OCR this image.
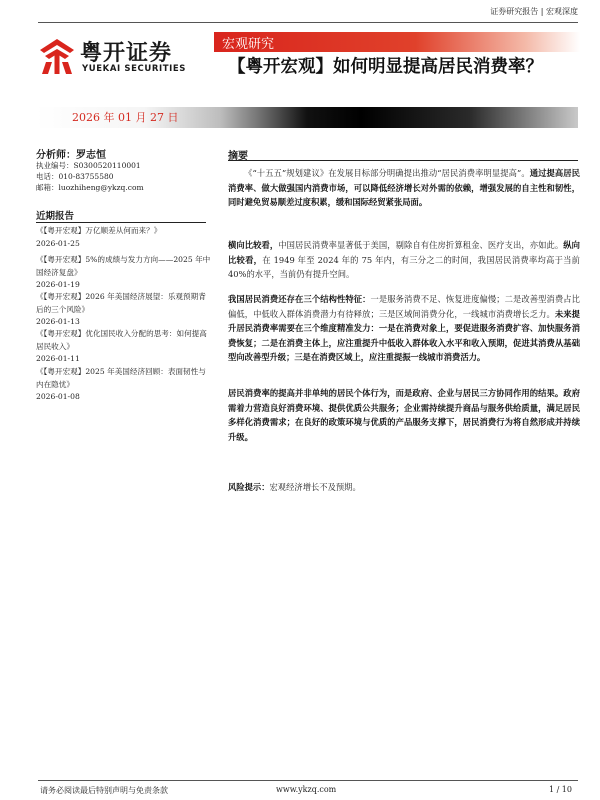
证券研究报告 | 宏观深度
粤开证券
YUEKAI SECURITIES
宏观研究
【粤开宏观】如何明显提高居民消费率？
2026 年 01 月 27 日
分析师：罗志恒
执业编号：S0300520110001
电话：010-83755580
邮箱：luozhiheng@ykzq.com
近期报告
《【粤开宏观】万亿顺差从何而来？》
2026-01-25
《【粤开宏观】5%的成绩与发力方向——2025 年中国经济复盘》
2026-01-19
《【粤开宏观】2026 年美国经济展望：乐观预期背后的三个风险》
2026-01-13
《【粤开宏观】优化国民收入分配的思考：如何提高居民收入》
2026-01-11
《【粤开宏观】2025 年美国经济回顾：表面韧性与内在隐忧》
2026-01-08
摘要
《“十五五”规划建议》在发展目标部分明确提出推动“居民消费率明显提高”。通过提高居民消费率、做大做强国内消费市场，可以降低经济增长对外需的依赖，增强发展的自主性和韧性，同时避免贸易顺差过度积累，缓和国际经贸紧张局面。
横向比较看，中国居民消费率显著低于美国，剔除自有住房折算租金、医疗支出，亦如此。纵向比较看，在 1949 年至 2024 年的 75 年内，有三分之二的时间，我国居民消费率均高于当前 40%的水平，当前仍有提升空间。
我国居民消费还存在三个结构性特征：一是服务消费不足、恢复进度偏慢；二是改善型消费占比偏低，中低收入群体消费潜力有待释放；三是区域间消费分化，一线城市消费增长乏力。未来提升居民消费率需要在三个维度精准发力：一是在消费对象上，要促进服务消费扩容、加快服务消费恢复；二是在消费主体上，应注重提升中低收入群体收入水平和收入预期，促进其消费从基础型向改善型升级；三是在消费区域上，应注重提振一线城市消费活力。
居民消费率的提高并非单纯的居民个体行为，而是政府、企业与居民三方协同作用的结果。政府需着力营造良好消费环境、提供优质公共服务；企业需持续提升商品与服务供给质量，满足居民多样化消费需求；在良好的政策环境与优质的产品服务支撑下，居民消费行为将自然形成并持续升级。
风险提示：宏观经济增长不及预期。
请务必阅读最后特别声明与免责条款	www.ykzq.com	1 / 10
